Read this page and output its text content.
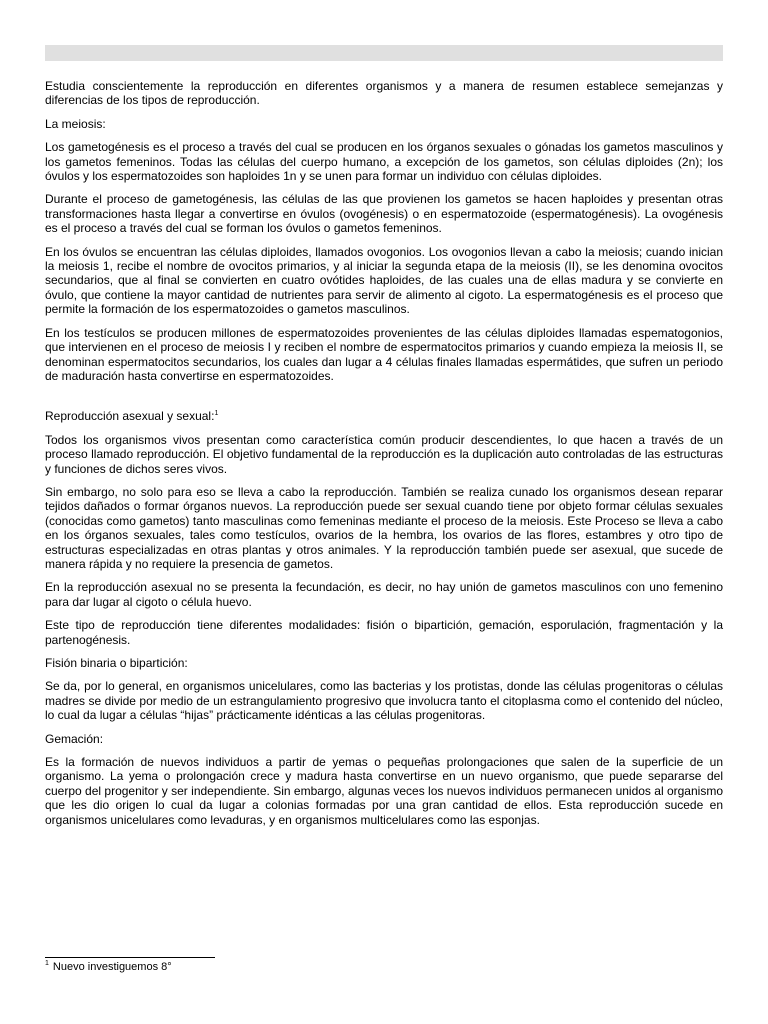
Estudia conscientemente la reproducción en diferentes organismos y a manera de resumen establece semejanzas y diferencias de los tipos de reproducción.

La meiosis:

Los gametogénesis es el proceso a través del cual se producen en los órganos sexuales o gónadas los gametos masculinos y los gametos femeninos. Todas las células del cuerpo humano, a excepción de los gametos, son células diploides (2n); los óvulos y los espermatozoides son haploides 1n y se unen para formar un individuo con células diploides.

Durante el proceso de gametogénesis, las células de las que provienen los gametos se hacen haploides y presentan otras transformaciones hasta llegar a convertirse en óvulos (ovogénesis) o en espermatozoide (espermatogénesis). La ovogénesis es el proceso a través del cual se forman los óvulos o gametos femeninos.

En los óvulos se encuentran las células diploides, llamados ovogonios. Los ovogonios llevan a cabo la meiosis; cuando inician la meiosis 1, recibe el nombre de ovocitos primarios, y al iniciar la segunda etapa de la meiosis (II), se les denomina ovocitos secundarios, que al final se convierten en cuatro ovótides haploides, de las cuales una de ellas madura y se convierte en óvulo, que contiene la mayor cantidad de nutrientes para servir de alimento al cigoto. La espermatogénesis es el proceso que permite la formación de los espermatozoides o gametos masculinos.

En los testículos se producen millones de espermatozoides provenientes de las células diploides llamadas espematogonios, que intervienen en el proceso de meiosis I y reciben el nombre de espermatocitos primarios y cuando empieza la meiosis II, se denominan espermatocitos secundarios, los cuales dan lugar a 4 células finales llamadas espermátides, que sufren un periodo de maduración hasta convertirse en espermatozoides.

Reproducción asexual y sexual:$^1$

Todos los organismos vivos presentan como característica común producir descendientes, lo que hacen a través de un proceso llamado reproducción. El objetivo fundamental de la reproducción es la duplicación auto controladas de las estructuras y funciones de dichos seres vivos.

Sin embargo, no solo para eso se lleva a cabo la reproducción. También se realiza cunado los organismos desean reparar tejidos dañados o formar órganos nuevos. La reproducción puede ser sexual cuando tiene por objeto formar células sexuales (conocidas como gametos) tanto masculinas como femeninas mediante el proceso de la meiosis. Este Proceso se lleva a cabo en los órganos sexuales, tales como testículos, ovarios de la hembra, los ovarios de las flores, estambres y otro tipo de estructuras especializadas en otras plantas y otros animales. Y la reproducción también puede ser asexual, que sucede de manera rápida y no requiere la presencia de gametos.

En la reproducción asexual no se presenta la fecundación, es decir, no hay unión de gametos masculinos con uno femenino para dar lugar al cigoto o célula huevo.

Este tipo de reproducción tiene diferentes modalidades: fisión o bipartición, gemación, esporulación, fragmentación y la partenogénesis.

Fisión binaria o bipartición:

Se da, por lo general, en organismos unicelulares, como las bacterias y los protistas, donde las células progenitoras o células madres se divide por medio de un estrangulamiento progresivo que involucra tanto el citoplasma como el contenido del núcleo, lo cual da lugar a células “hijas” prácticamente idénticas a las células progenitoras.

Gemación:

Es la formación de nuevos individuos a partir de yemas o pequeñas prolongaciones que salen de la superficie de un organismo. La yema o prolongación crece y madura hasta convertirse en un nuevo organismo, que puede separarse del cuerpo del progenitor y ser independiente. Sin embargo, algunas veces los nuevos individuos permanecen unidos al organismo que les dio origen lo cual da lugar a colonias formadas por una gran cantidad de ellos. Esta reproducción sucede en organismos unicelulares como levaduras, y en organismos multicelulares como las esponjas.

$^1$ Nuevo investiguemos 8°
